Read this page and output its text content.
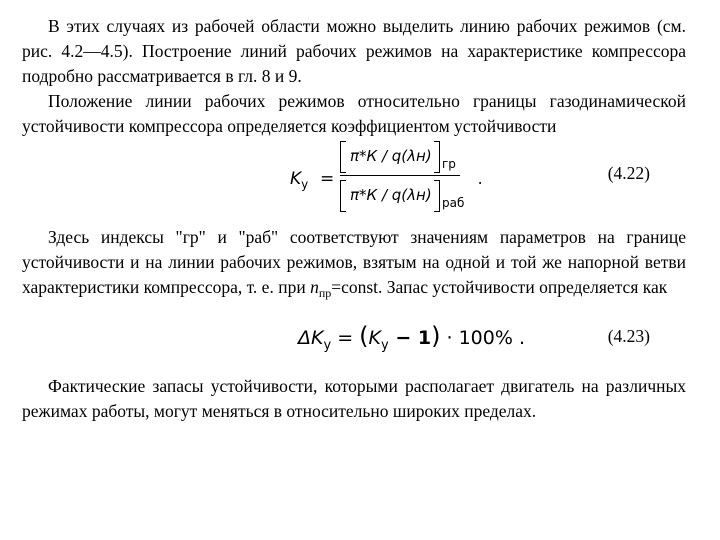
В этих случаях из рабочей области можно выделить линию рабочих режимов (см. рис. 4.2—4.5). Построение линий рабочих режимов на характеристике компрессора подробно рассматривается в гл. 8 и 9.

Положение линии рабочих режимов относительно границы газодинамической устойчивости компрессора определяется коэффициентом устойчивости

$K_у$ =
π*К / q(λн) гр
π*К / q(λн) раб
.	(4.22)

Здесь индексы "гр" и "раб" соответствуют значениям параметров на границе устойчивости и на линии рабочих режимов, взятым на одной и той же напорной ветви характеристики компрессора, т. е. при $n_{пр}=const$. Запас устойчивости определяется как

$\Delta K_у = (K_у - 1) \cdot 100\%$ .	(4.23)

Фактические запасы устойчивости, которыми располагает двигатель на различных режимах работы, могут меняться в относительно широких пределах.
